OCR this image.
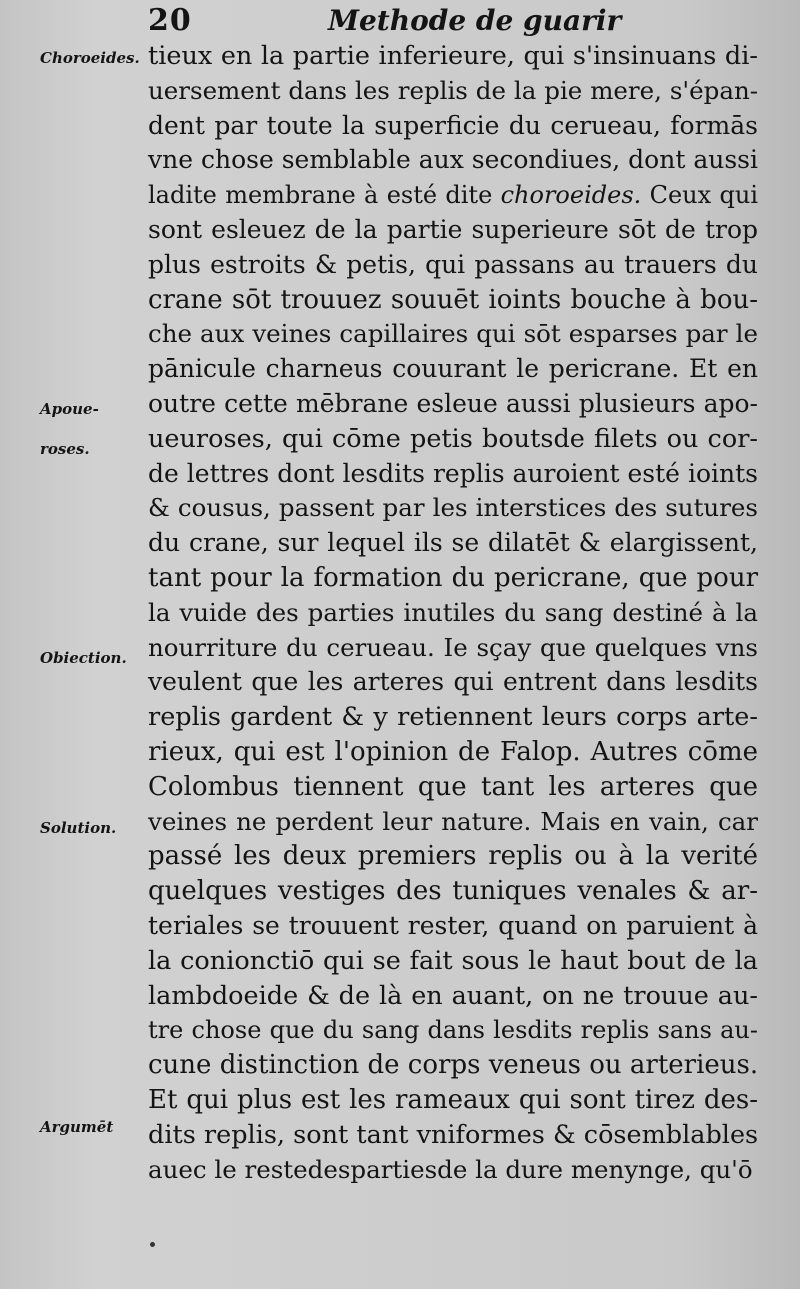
20	Methode de guarir
Choroeides.
Apoue-
roses.
Obiection.
Solution.
Argumēt
tieux en la partie inferieure, qui s'insinuans di-
uersement dans les replis de la pie mere, s'épan-
dent par toute la superficie du cerueau, formās
vne chose semblable aux secondiues, dont aussi
ladite membrane à esté dite choroeides. Ceux qui
sont esleuez de la partie superieure sōt de trop
plus estroits & petis, qui passans au trauers du
crane sōt trouuez souuēt ioints bouche à bou-
che aux veines capillaires qui sōt esparses par le
pānicule charneus couurant le pericrane. Et en
outre cette mēbrane esleue aussi plusieurs apo-
ueuroses, qui cōme petis boutsde filets ou cor-
de lettres dont lesdits replis auroient esté ioints
& cousus, passent par les interstices des sutures
du crane, sur lequel ils se dilatēt & elargissent,
tant pour la formation du pericrane, que pour
la vuide des parties inutiles du sang destiné à la
nourriture du cerueau. Ie sçay que quelques vns
veulent que les arteres qui entrent dans lesdits
replis gardent & y retiennent leurs corps arte-
rieux, qui est l'opinion de Falop. Autres cōme
Colombus tiennent que tant les arteres que
veines ne perdent leur nature. Mais en vain, car
passé les deux premiers replis ou à la verité
quelques vestiges des tuniques venales & ar-
teriales se trouuent rester, quand on paruient à
la conionctiō qui se fait sous le haut bout de la
lambdoeide & de là en auant, on ne trouue au-
tre chose que du sang dans lesdits replis sans au-
cune distinction de corps veneus ou arterieus.
Et qui plus est les rameaux qui sont tirez des-
dits replis, sont tant vniformes & cōsemblables
auec le restedespartiesde la dure menynge, qu'ō
